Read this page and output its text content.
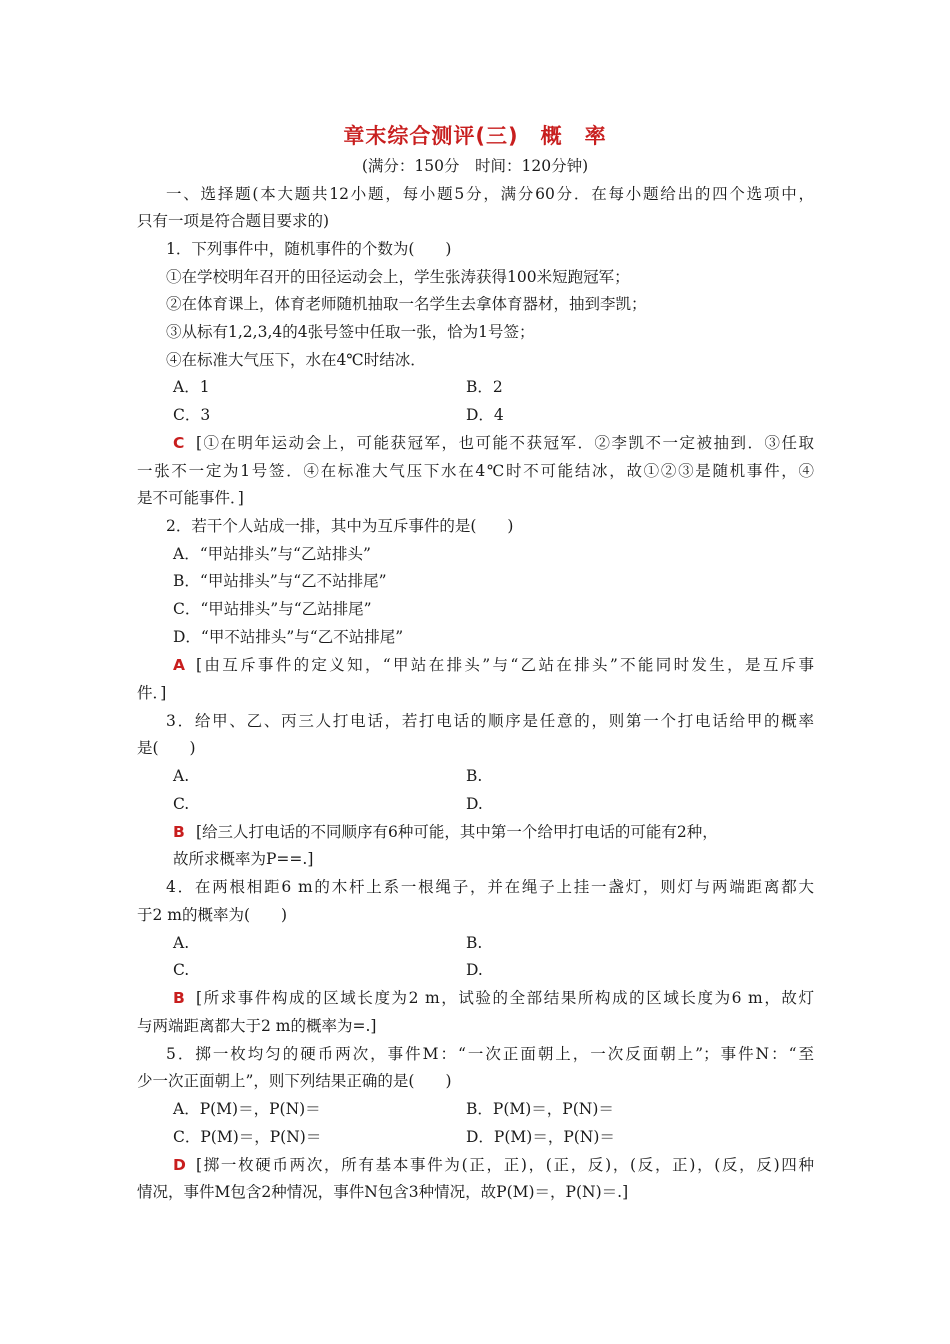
章末综合测评(三)　概　率
(满分：150分　时间：120分钟)
一、选择题(本大题共12小题，每小题5分，满分60分．在每小题给出的四个选项中，
只有一项是符合题目要求的)
1．下列事件中，随机事件的个数为(　　)
①在学校明年召开的田径运动会上，学生张涛获得100米短跑冠军；
②在体育课上，体育老师随机抽取一名学生去拿体育器材，抽到李凯；
③从标有1,2,3,4的4张号签中任取一张，恰为1号签；
④在标准大气压下，水在4℃时结冰．
A．1	B．2
C．3	D．4
C [①在明年运动会上，可能获冠军，也可能不获冠军．②李凯不一定被抽到．③任取
一张不一定为1号签．④在标准大气压下水在4℃时不可能结冰，故①②③是随机事件，④
是不可能事件．]
2．若干个人站成一排，其中为互斥事件的是(　　)
A．“甲站排头”与“乙站排头”
B．“甲站排头”与“乙不站排尾”
C．“甲站排头”与“乙站排尾”
D．“甲不站排头”与“乙不站排尾”
A [由互斥事件的定义知，“甲站在排头”与“乙站在排头”不能同时发生，是互斥事
件．]
3．给甲、乙、丙三人打电话，若打电话的顺序是任意的，则第一个打电话给甲的概率
是(　　)
A.	B.
C.	D.
B [给三人打电话的不同顺序有6种可能，其中第一个给甲打电话的可能有2种，
故所求概率为P==.]
4．在两根相距6 m的木杆上系一根绳子，并在绳子上挂一盏灯，则灯与两端距离都大
于2 m的概率为(　　)
A.	B.
C.	D.
B [所求事件构成的区域长度为2 m，试验的全部结果所构成的区域长度为6 m，故灯
与两端距离都大于2 m的概率为=.]
5．掷一枚均匀的硬币两次，事件M：“一次正面朝上，一次反面朝上”；事件N：“至
少一次正面朝上”，则下列结果正确的是(　　)
A．P(M)＝，P(N)＝	B．P(M)＝，P(N)＝
C．P(M)＝，P(N)＝	D．P(M)＝，P(N)＝
D [掷一枚硬币两次，所有基本事件为(正，正)，(正，反)，(反，正)，(反，反)四种
情况，事件M包含2种情况，事件N包含3种情况，故P(M)＝，P(N)＝.]
